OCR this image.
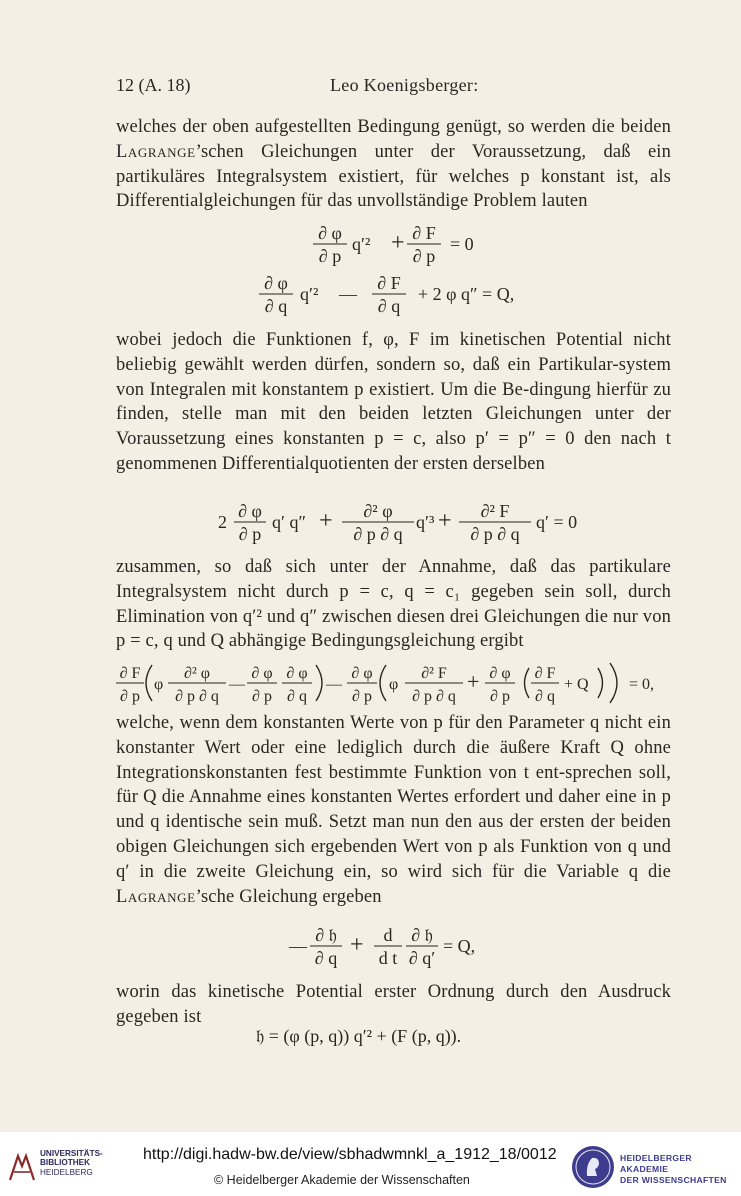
12 (A. 18)	Leo Koenigsberger:
welches der oben aufgestellten Bedingung genügt, so werden die beiden Lagrange’schen Gleichungen unter der Voraussetzung, daß ein partikuläres Integralsystem existiert, für welches p konstant ist, als Differentialgleichungen für das unvollständige Problem lauten
∂ φ
∂ p
q′² + ∂ F
∂ p
= 0
∂ φ
∂ q
q′² —
∂ F
∂ q
+ 2 φ q″ = Q,
wobei jedoch die Funktionen f, φ, F im kinetischen Potential nicht beliebig gewählt werden dürfen, sondern so, daß ein Partikular-system von Integralen mit konstantem p existiert. Um die Be-dingung hierfür zu finden, stelle man mit den beiden letzten Gleichungen unter der Voraussetzung eines konstanten p = c, also p′ = p″ = 0 den nach t genommenen Differentialquotienten der ersten derselben
2
∂ φ
∂ p
q′ q″ + ∂² φ
∂ p ∂ q
q′³ + ∂² F
∂ p ∂ q
q′ = 0
zusammen, so daß sich unter der Annahme, daß das partikulare Integralsystem nicht durch p = c, q = c₁ gegeben sein soll, durch Elimination von q′² und q″ zwischen diesen drei Gleichungen die nur von p = c, q und Q abhängige Bedingungsgleichung ergibt
∂ F
∂ p
φ
∂² φ
∂ p ∂ q
—
∂ φ
∂ p
∂ φ
∂ q
—
∂ φ
∂ p
φ
∂² F
∂ p ∂ q
+ ∂ φ
∂ p
∂ F
∂ q
+ Q	= 0,
welche, wenn dem konstanten Werte von p für den Parameter q nicht ein konstanter Wert oder eine lediglich durch die äußere Kraft Q ohne Integrationskonstanten fest bestimmte Funktion von t ent-sprechen soll, für Q die Annahme eines konstanten Wertes erfordert und daher eine in p und q identische sein muß. Setzt man nun den aus der ersten der beiden obigen Gleichungen sich ergebenden Wert von p als Funktion von q und q′ in die zweite Gleichung ein, so wird sich für die Variable q die Lagrange’sche Gleichung ergeben
—
∂ 𝔥
∂ q + d
d t
∂ 𝔥
∂ q′
= Q,
worin das kinetische Potential erster Ordnung durch den Ausdruck gegeben ist
𝔥 = (φ (p, q)) q′² + (F (p, q)).
UNIVERSITÄTS-
BIBLIOTHEK
HEIDELBERG
http://digi.hadw-bw.de/view/sbhadwmnkl_a_1912_18/0012
© Heidelberger Akademie der Wissenschaften
HEIDELBERGER AKADEMIE
DER WISSENSCHAFTEN
